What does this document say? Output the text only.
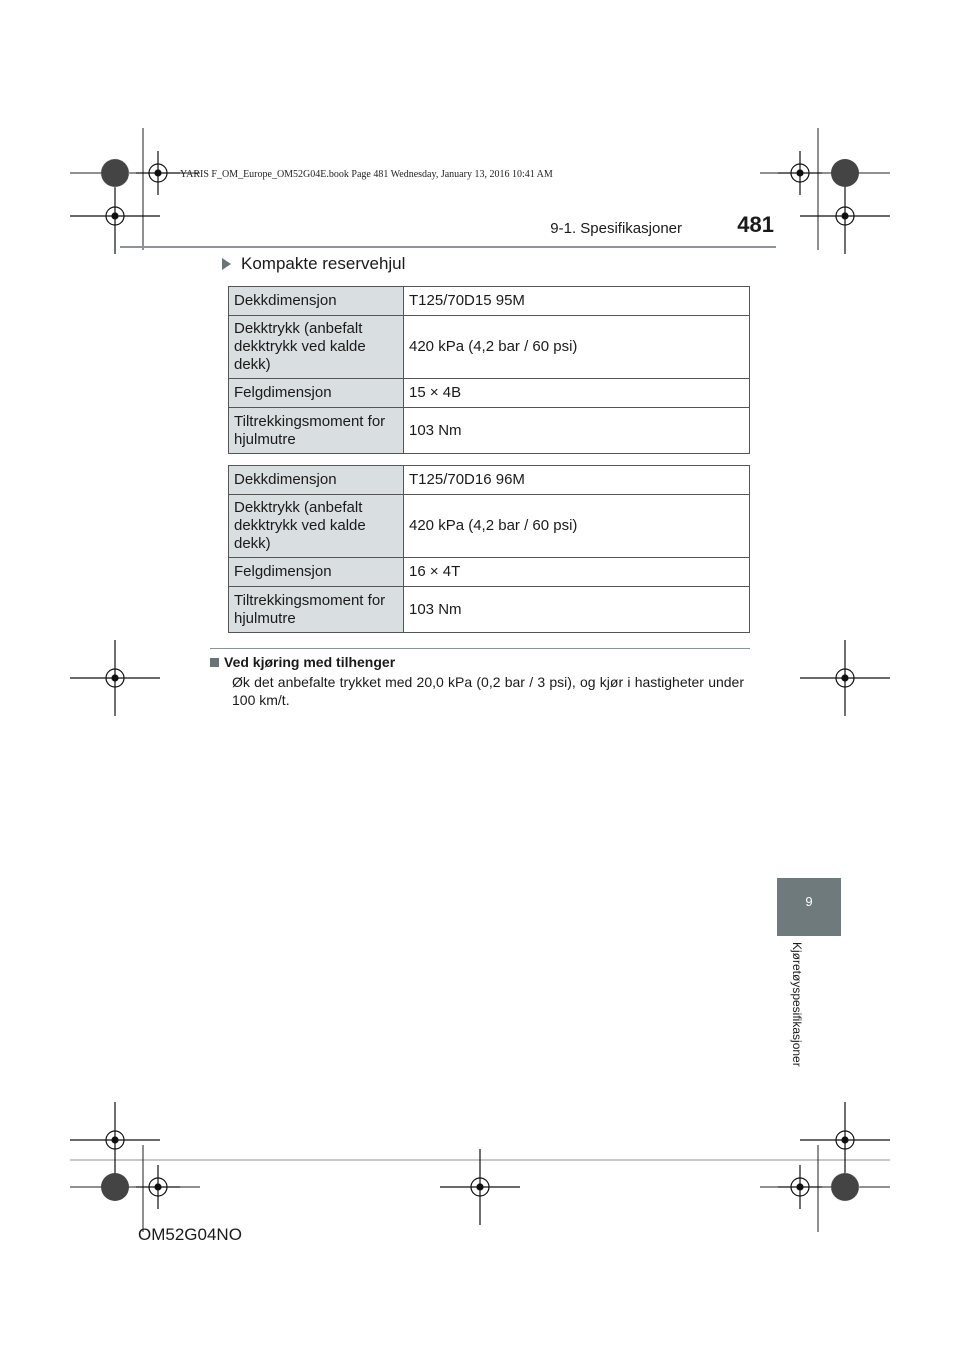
YARIS F_OM_Europe_OM52G04E.book Page 481 Wednesday, January 13, 2016 10:41 AM
9-1. Spesifikasjoner	481
Kompakte reservehjul
Dekkdimensjon	T125/70D15 95M
Dekktrykk (anbefalt dekktrykk ved kalde dekk)	420 kPa (4,2 bar / 60 psi)
Felgdimensjon	15 × 4B
Tiltrekkingsmoment for hjulmutre	103 Nm
Dekkdimensjon	T125/70D16 96M
Dekktrykk (anbefalt dekktrykk ved kalde dekk)	420 kPa (4,2 bar / 60 psi)
Felgdimensjon	16 × 4T
Tiltrekkingsmoment for hjulmutre	103 Nm
Ved kjøring med tilhenger
Øk det anbefalte trykket med 20,0 kPa (0,2 bar / 3 psi), og kjør i hastigheter under 100 km/t.
9
Kjøretøyspesifikasjoner
OM52G04NO
